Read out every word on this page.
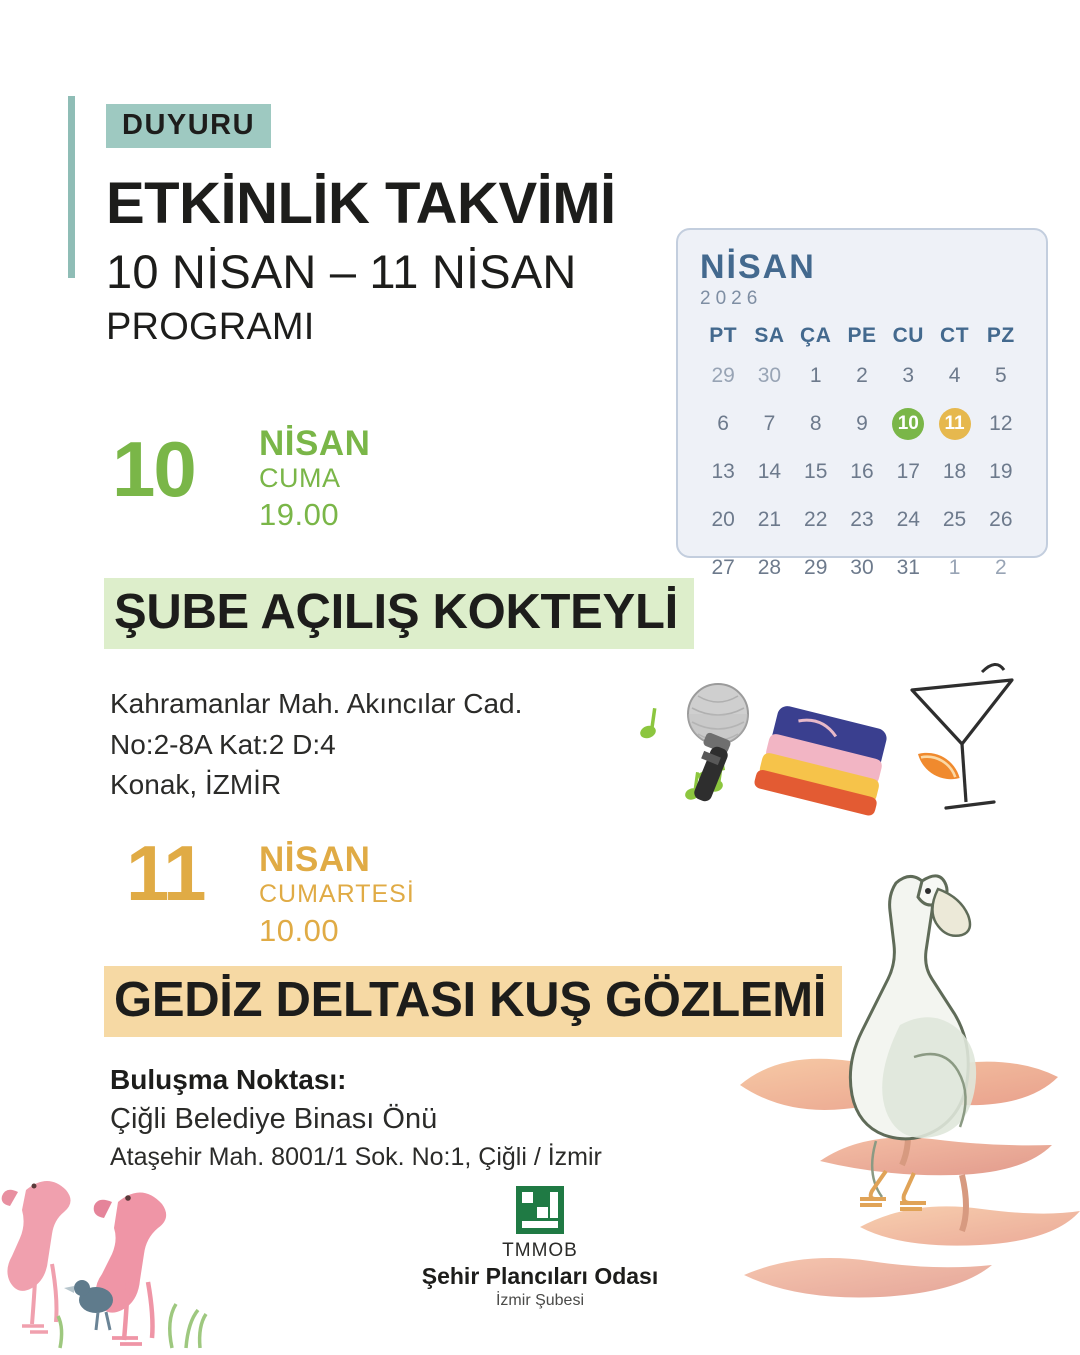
DUYURU
ETKİNLİK TAKVİMİ
10 NİSAN – 11 NİSAN
PROGRAMI
NİSAN
2026
PT	SA	ÇA	PE	CU	CT	PZ
29	30	1	2	3	4	5
6	7	8	9	10	11	12
13	14	15	16	17	18	19
20	21	22	23	24	25	26
27	28	29	30	31	1	2
10 NİSAN
CUMA
19.00
ŞUBE AÇILIŞ KOKTEYLİ
Kahramanlar Mah. Akıncılar Cad.
No:2-8A Kat:2 D:4
Konak, İZMİR
11 NİSAN
CUMARTESİ
10.00
GEDİZ DELTASI KUŞ GÖZLEMİ
Buluşma Noktası:
Çiğli Belediye Binası Önü
Ataşehir Mah. 8001/1 Sok. No:1, Çiğli / İzmir
TMMOB
Şehir Plancıları Odası
İzmir Şubesi
